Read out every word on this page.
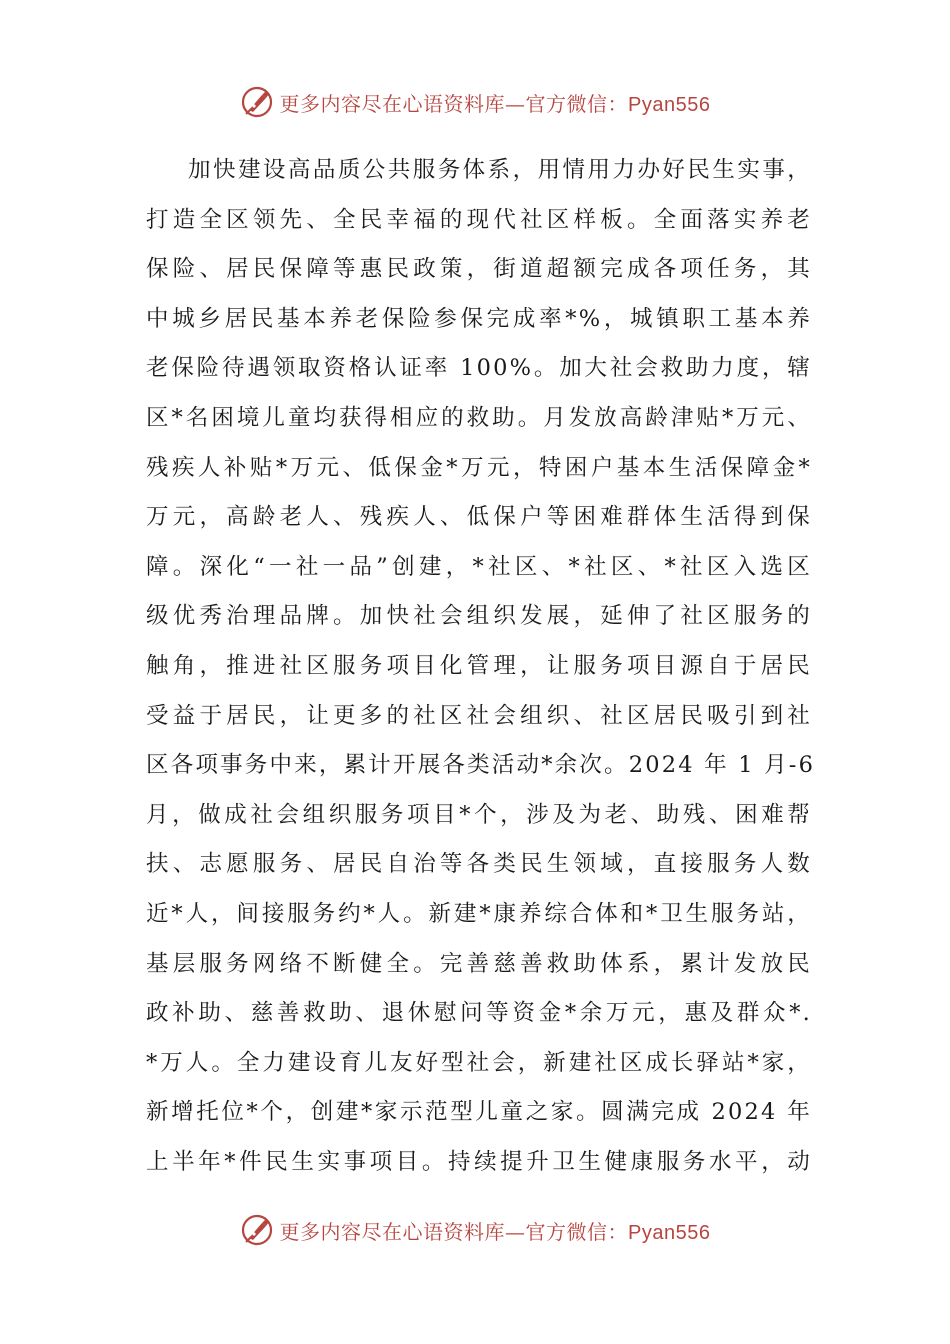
更多内容尽在心语资料库—官方微信：Pyan556
加快建设高品质公共服务体系，用情用力办好民生实事，
打造全区领先、全民幸福的现代社区样板。全面落实养老
保险、居民保障等惠民政策，街道超额完成各项任务，其
中城乡居民基本养老保险参保完成率*%，城镇职工基本养
老保险待遇领取资格认证率 100%。加大社会救助力度，辖
区*名困境儿童均获得相应的救助。月发放高龄津贴*万元、
残疾人补贴*万元、低保金*万元，特困户基本生活保障金*
万元，高龄老人、残疾人、低保户等困难群体生活得到保
障。深化“一社一品”创建，*社区、*社区、*社区入选区
级优秀治理品牌。加快社会组织发展，延伸了社区服务的
触角，推进社区服务项目化管理，让服务项目源自于居民
受益于居民，让更多的社区社会组织、社区居民吸引到社
区各项事务中来，累计开展各类活动*余次。2024 年 1 月-6
月，做成社会组织服务项目*个，涉及为老、助残、困难帮
扶、志愿服务、居民自治等各类民生领域，直接服务人数
近*人，间接服务约*人。新建*康养综合体和*卫生服务站，
基层服务网络不断健全。完善慈善救助体系，累计发放民
政补助、慈善救助、退休慰问等资金*余万元，惠及群众*.
*万人。全力建设育儿友好型社会，新建社区成长驿站*家，
新增托位*个，创建*家示范型儿童之家。圆满完成 2024 年
上半年*件民生实事项目。持续提升卫生健康服务水平，动
更多内容尽在心语资料库—官方微信：Pyan556
